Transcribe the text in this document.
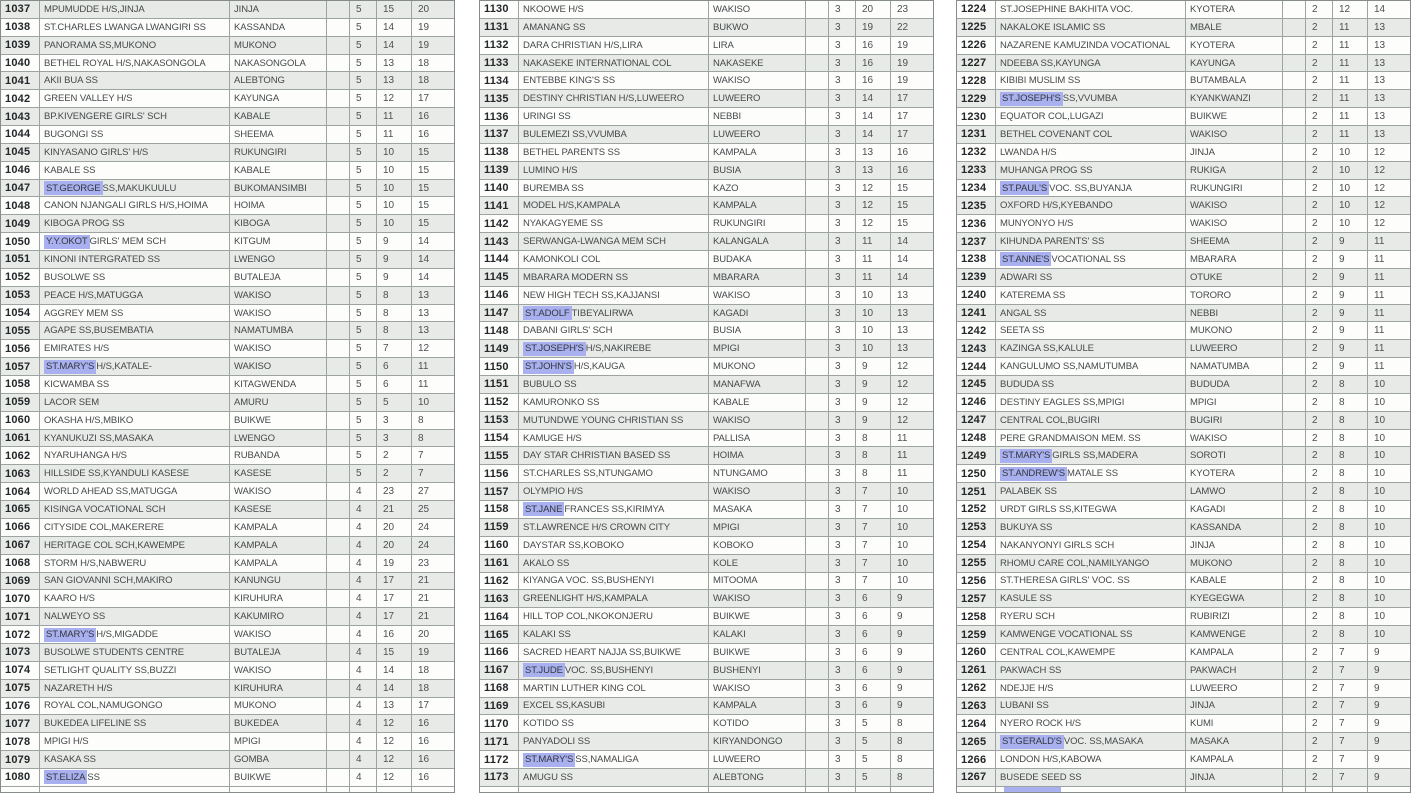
1037	MPUMUDDE H/S,JINJA	JINJA	5	15	20
1038	ST.CHARLES LWANGA LWANGIRI SS	KASSANDA	5	14	19
1039	PANORAMA SS,MUKONO	MUKONO	5	14	19
1040	BETHEL ROYAL H/S,NAKASONGOLA	NAKASONGOLA	5	13	18
1041	AKII BUA SS	ALEBTONG	5	13	18
1042	GREEN VALLEY H/S	KAYUNGA	5	12	17
1043	BP.KIVENGERE GIRLS' SCH	KABALE	5	11	16
1044	BUGONGI SS	SHEEMA	5	11	16
1045	KINYASANO GIRLS' H/S	RUKUNGIRI	5	10	15
1046	KABALE SS	KABALE	5	10	15
1047	ST.GEORGE SS,MAKUKUULU	BUKOMANSIMBI	5	10	15
1048	CANON NJANGALI GIRLS H/S,HOIMA	HOIMA	5	10	15
1049	KIBOGA PROG SS	KIBOGA	5	10	15
1050	Y.Y.OKOT GIRLS' MEM SCH	KITGUM	5	9	14
1051	KINONI INTERGRATED SS	LWENGO	5	9	14
1052	BUSOLWE SS	BUTALEJA	5	9	14
1053	PEACE H/S,MATUGGA	WAKISO	5	8	13
1054	AGGREY MEM SS	WAKISO	5	8	13
1055	AGAPE SS,BUSEMBATIA	NAMATUMBA	5	8	13
1056	EMIRATES H/S	WAKISO	5	7	12
1057	ST.MARY'S H/S,KATALE-	WAKISO	5	6	11
1058	KICWAMBA SS	KITAGWENDA	5	6	11
1059	LACOR SEM	AMURU	5	5	10
1060	OKASHA H/S,MBIKO	BUIKWE	5	3	8
1061	KYANUKUZI SS,MASAKA	LWENGO	5	3	8
1062	NYARUHANGA H/S	RUBANDA	5	2	7
1063	HILLSIDE SS,KYANDULI KASESE	KASESE	5	2	7
1064	WORLD AHEAD SS,MATUGGA	WAKISO	4	23	27
1065	KISINGA VOCATIONAL SCH	KASESE	4	21	25
1066	CITYSIDE COL,MAKERERE	KAMPALA	4	20	24
1067	HERITAGE COL SCH,KAWEMPE	KAMPALA	4	20	24
1068	STORM H/S,NABWERU	KAMPALA	4	19	23
1069	SAN GIOVANNI SCH,MAKIRO	KANUNGU	4	17	21
1070	KAARO H/S	KIRUHURA	4	17	21
1071	NALWEYO SS	KAKUMIRO	4	17	21
1072	ST.MARY'S H/S,MIGADDE	WAKISO	4	16	20
1073	BUSOLWE STUDENTS CENTRE	BUTALEJA	4	15	19
1074	SETLIGHT QUALITY SS,BUZZI	WAKISO	4	14	18
1075	NAZARETH H/S	KIRUHURA	4	14	18
1076	ROYAL COL,NAMUGONGO	MUKONO	4	13	17
1077	BUKEDEA LIFELINE SS	BUKEDEA	4	12	16
1078	MPIGI H/S	MPIGI	4	12	16
1079	KASAKA SS	GOMBA	4	12	16
1080	ST.ELIZA SS	BUIKWE	4	12	16
1130	NKOOWE H/S	WAKISO	3	20	23
1131	AMANANG SS	BUKWO	3	19	22
1132	DARA CHRISTIAN H/S,LIRA	LIRA	3	16	19
1133	NAKASEKE INTERNATIONAL COL	NAKASEKE	3	16	19
1134	ENTEBBE KING'S SS	WAKISO	3	16	19
1135	DESTINY CHRISTIAN H/S,LUWEERO	LUWEERO	3	14	17
1136	URINGI SS	NEBBI	3	14	17
1137	BULEMEZI SS,VVUMBA	LUWEERO	3	14	17
1138	BETHEL PARENTS SS	KAMPALA	3	13	16
1139	LUMINO H/S	BUSIA	3	13	16
1140	BUREMBA SS	KAZO	3	12	15
1141	MODEL H/S,KAMPALA	KAMPALA	3	12	15
1142	NYAKAGYEME SS	RUKUNGIRI	3	12	15
1143	SERWANGA-LWANGA MEM SCH	KALANGALA	3	11	14
1144	KAMONKOLI COL	BUDAKA	3	11	14
1145	MBARARA MODERN SS	MBARARA	3	11	14
1146	NEW HIGH TECH SS,KAJJANSI	WAKISO	3	10	13
1147	ST.ADOLF TIBEYALIRWA	KAGADI	3	10	13
1148	DABANI GIRLS' SCH	BUSIA	3	10	13
1149	ST.JOSEPH'S H/S,NAKIREBE	MPIGI	3	10	13
1150	ST.JOHN'S H/S,KAUGA	MUKONO	3	9	12
1151	BUBULO SS	MANAFWA	3	9	12
1152	KAMURONKO SS	KABALE	3	9	12
1153	MUTUNDWE YOUNG CHRISTIAN SS	WAKISO	3	9	12
1154	KAMUGE H/S	PALLISA	3	8	11
1155	DAY STAR CHRISTIAN BASED SS	HOIMA	3	8	11
1156	ST.CHARLES SS,NTUNGAMO	NTUNGAMO	3	8	11
1157	OLYMPIO H/S	WAKISO	3	7	10
1158	ST.JANE FRANCES SS,KIRIMYA	MASAKA	3	7	10
1159	ST.LAWRENCE H/S CROWN CITY	MPIGI	3	7	10
1160	DAYSTAR SS,KOBOKO	KOBOKO	3	7	10
1161	AKALO SS	KOLE	3	7	10
1162	KIYANGA VOC. SS,BUSHENYI	MITOOMA	3	7	10
1163	GREENLIGHT H/S,KAMPALA	WAKISO	3	6	9
1164	HILL TOP COL,NKOKONJERU	BUIKWE	3	6	9
1165	KALAKI SS	KALAKI	3	6	9
1166	SACRED HEART NAJJA SS,BUIKWE	BUIKWE	3	6	9
1167	ST.JUDE VOC. SS,BUSHENYI	BUSHENYI	3	6	9
1168	MARTIN LUTHER KING COL	WAKISO	3	6	9
1169	EXCEL SS,KASUBI	KAMPALA	3	6	9
1170	KOTIDO SS	KOTIDO	3	5	8
1171	PANYADOLI SS	KIRYANDONGO	3	5	8
1172	ST.MARY'S SS,NAMALIGA	LUWEERO	3	5	8
1173	AMUGU SS	ALEBTONG	3	5	8
1224	ST.JOSEPHINE BAKHITA VOC.	KYOTERA	2	12	14
1225	NAKALOKE ISLAMIC SS	MBALE	2	11	13
1226	NAZARENE KAMUZINDA VOCATIONAL	KYOTERA	2	11	13
1227	NDEEBA SS,KAYUNGA	KAYUNGA	2	11	13
1228	KIBIBI MUSLIM SS	BUTAMBALA	2	11	13
1229	ST.JOSEPH'S SS,VVUMBA	KYANKWANZI	2	11	13
1230	EQUATOR COL,LUGAZI	BUIKWE	2	11	13
1231	BETHEL COVENANT COL	WAKISO	2	11	13
1232	LWANDA H/S	JINJA	2	10	12
1233	MUHANGA PROG SS	RUKIGA	2	10	12
1234	ST.PAUL'S VOC. SS,BUYANJA	RUKUNGIRI	2	10	12
1235	OXFORD H/S,KYEBANDO	WAKISO	2	10	12
1236	MUNYONYO H/S	WAKISO	2	10	12
1237	KIHUNDA PARENTS' SS	SHEEMA	2	9	11
1238	ST.ANNE'S VOCATIONAL SS	MBARARA	2	9	11
1239	ADWARI SS	OTUKE	2	9	11
1240	KATEREMA SS	TORORO	2	9	11
1241	ANGAL SS	NEBBI	2	9	11
1242	SEETA SS	MUKONO	2	9	11
1243	KAZINGA SS,KALULE	LUWEERO	2	9	11
1244	KANGULUMO SS,NAMUTUMBA	NAMATUMBA	2	9	11
1245	BUDUDA SS	BUDUDA	2	8	10
1246	DESTINY EAGLES SS,MPIGI	MPIGI	2	8	10
1247	CENTRAL COL,BUGIRI	BUGIRI	2	8	10
1248	PERE GRANDMAISON MEM. SS	WAKISO	2	8	10
1249	ST.MARY'S GIRLS SS,MADERA	SOROTI	2	8	10
1250	ST.ANDREW'S MATALE SS	KYOTERA	2	8	10
1251	PALABEK SS	LAMWO	2	8	10
1252	URDT GIRLS SS,KITEGWA	KAGADI	2	8	10
1253	BUKUYA SS	KASSANDA	2	8	10
1254	NAKANYONYI GIRLS SCH	JINJA	2	8	10
1255	RHOMU CARE COL,NAMILYANGO	MUKONO	2	8	10
1256	ST.THERESA GIRLS' VOC. SS	KABALE	2	8	10
1257	KASULE SS	KYEGEGWA	2	8	10
1258	RYERU SCH	RUBIRIZI	2	8	10
1259	KAMWENGE VOCATIONAL SS	KAMWENGE	2	8	10
1260	CENTRAL COL,KAWEMPE	KAMPALA	2	7	9
1261	PAKWACH SS	PAKWACH	2	7	9
1262	NDEJJE H/S	LUWEERO	2	7	9
1263	LUBANI SS	JINJA	2	7	9
1264	NYERO ROCK H/S	KUMI	2	7	9
1265	ST.GERALD'S VOC. SS,MASAKA	MASAKA	2	7	9
1266	LONDON H/S,KABOWA	KAMPALA	2	7	9
1267	BUSEDE SEED SS	JINJA	2	7	9
